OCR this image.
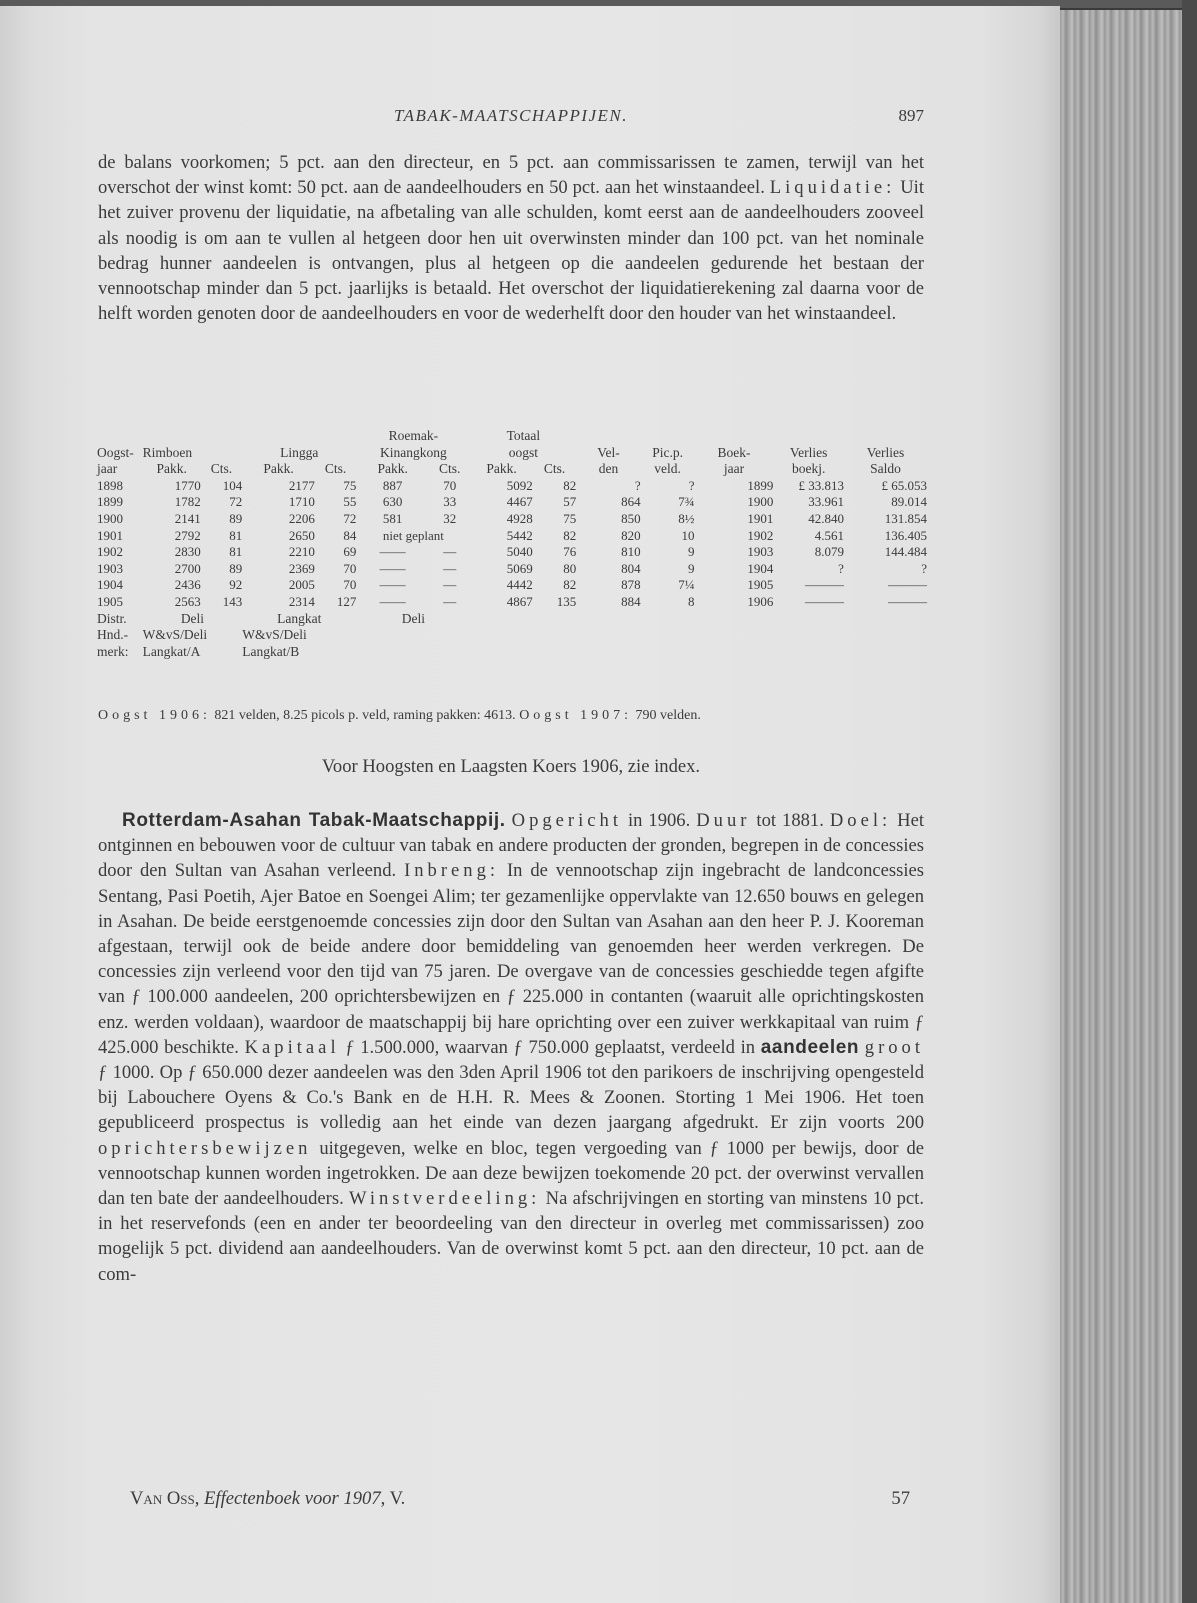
TABAK-MAATSCHAPPIJEN.	897

de balans voorkomen; 5 pct. aan den directeur, en 5 pct. aan commissarissen te zamen, terwijl van het overschot der winst komt: 50 pct. aan de aandeelhouders en 50 pct. aan het winstaandeel. Liquidatie: Uit het zuiver provenu der liquidatie, na afbetaling van alle schulden, komt eerst aan de aandeelhouders zooveel als noodig is om aan te vullen al hetgeen door hen uit overwinsten minder dan 100 pct. van het nominale bedrag hunner aandeelen is ontvangen, plus al hetgeen op die aandeelen gedurende het bestaan der vennootschap minder dan 5 pct. jaarlijks is betaald. Het overschot der liquidatierekening zal daarna voor de helft worden genoten door de aandeelhouders en voor de wederhelft door den houder van het winstaandeel.

					Roemak-		Totaal						
Oogst-	Rimboen		Lingga		Kinangkong		oogst		Vel-	Pic.p.	Boek-	Verlies	Verlies
jaar	Pakk.	Cts.	Pakk.	Cts.	Pakk.	Cts.	Pakk.	Cts.	den	veld.	jaar	boekj.	Saldo
1898	1770	104	2177	75	887	70	5092	82	?	?	1899	£ 33.813	£ 65.053
1899	1782	72	1710	55	630	33	4467	57	864	7¾	1900	33.961	89.014
1900	2141	89	2206	72	581	32	4928	75	850	8½	1901	42.840	131.854
1901	2792	81	2650	84	niet geplant		5442	82	820	10	1902	4.561	136.405
1902	2830	81	2210	69	——	—	5040	76	810	9	1903	8.079	144.484
1903	2700	89	2369	70	——	—	5069	80	804	9	1904	?	?
1904	2436	92	2005	70	——	—	4442	82	878	7¼	1905	———	———
1905	2563	143	2314	127	——	—	4867	135	884	8	1906	———	———
Distr.	Deli		Langkat		Deli								
Hnd.-	W&vS/Deli		W&vS/Deli										
merk:	Langkat/A		Langkat/B										
Oogst 1906: 821 velden, 8.25 picols p. veld, raming pakken: 4613. Oogst 1907: 790 velden.
Voor Hoogsten en Laagsten Koers 1906, zie index.

Rotterdam-Asahan Tabak-Maatschappij. Opgericht in 1906. Duur tot 1881. Doel: Het ontginnen en bebouwen voor de cultuur van tabak en andere producten der gronden, begrepen in de concessies door den Sultan van Asahan verleend. Inbreng: In de vennootschap zijn ingebracht de landconcessies Sentang, Pasi Poetih, Ajer Batoe en Soengei Alim; ter gezamenlijke oppervlakte van 12.650 bouws en gelegen in Asahan. De beide eerstgenoemde concessies zijn door den Sultan van Asahan aan den heer P. J. Kooreman afgestaan, terwijl ook de beide andere door bemiddeling van genoemden heer werden verkregen. De concessies zijn verleend voor den tijd van 75 jaren. De overgave van de concessies geschiedde tegen afgifte van ƒ 100.000 aandeelen, 200 oprichtersbewijzen en ƒ 225.000 in contanten (waaruit alle oprichtingskosten enz. werden voldaan), waardoor de maatschappij bij hare oprichting over een zuiver werkkapitaal van ruim ƒ 425.000 beschikte. Kapitaal ƒ 1.500.000, waarvan ƒ 750.000 geplaatst, verdeeld in aandeelen groot ƒ 1000. Op ƒ 650.000 dezer aandeelen was den 3den April 1906 tot den parikoers de inschrijving opengesteld bij Labouchere Oyens & Co.'s Bank en de H.H. R. Mees & Zoonen. Storting 1 Mei 1906. Het toen gepubliceerd prospectus is volledig aan het einde van dezen jaargang afgedrukt. Er zijn voorts 200 oprichtersbewijzen uitgegeven, welke en bloc, tegen vergoeding van ƒ 1000 per bewijs, door de vennootschap kunnen worden ingetrokken. De aan deze bewijzen toekomende 20 pct. der overwinst vervallen dan ten bate der aandeelhouders. Winstverdeeling: Na afschrijvingen en storting van minstens 10 pct. in het reservefonds (een en ander ter beoordeeling van den directeur in overleg met commissarissen) zoo mogelijk 5 pct. dividend aan aandeelhouders. Van de overwinst komt 5 pct. aan den directeur, 10 pct. aan de com-

Van Oss, Effectenboek voor 1907, V.	57
